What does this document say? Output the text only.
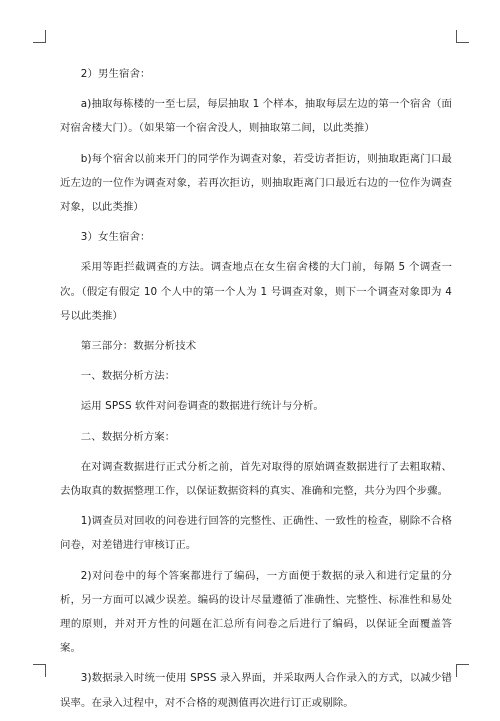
2）男生宿舍：

a)抽取每栋楼的一至七层，每层抽取 1 个样本，抽取每层左边的第一个宿舍（面对宿舍楼大门）。（如果第一个宿舍没人，则抽取第二间，以此类推）

b)每个宿舍以前来开门的同学作为调查对象，若受访者拒访，则抽取距离门口最近左边的一位作为调查对象，若再次拒访，则抽取距离门口最近右边的一位作为调查对象，以此类推）

3）女生宿舍：

采用等距拦截调查的方法。调查地点在女生宿舍楼的大门前，每隔 5 个调查一次。（假定有假定 10 个人中的第一个人为 1 号调查对象，则下一个调查对象即为 4 号以此类推）

第三部分：数据分析技术

一、数据分析方法：

运用 SPSS 软件对问卷调查的数据进行统计与分析。

二、数据分析方案：

在对调查数据进行正式分析之前，首先对取得的原始调查数据进行了去粗取精、去伪取真的数据整理工作，以保证数据资料的真实、准确和完整，共分为四个步骤。

1)调查员对回收的问卷进行回答的完整性、正确性、一致性的检查，剔除不合格问卷，对差错进行审核订正。

2)对问卷中的每个答案都进行了编码，一方面便于数据的录入和进行定量的分析，另一方面可以减少误差。编码的设计尽量遵循了准确性、完整性、标准性和易处理的原则，并对开方性的问题在汇总所有问卷之后进行了编码，以保证全面覆盖答案。

3)数据录入时统一使用 SPSS 录入界面，并采取两人合作录入的方式，以减少错误率。在录入过程中，对不合格的观测值再次进行订正或剔除。
